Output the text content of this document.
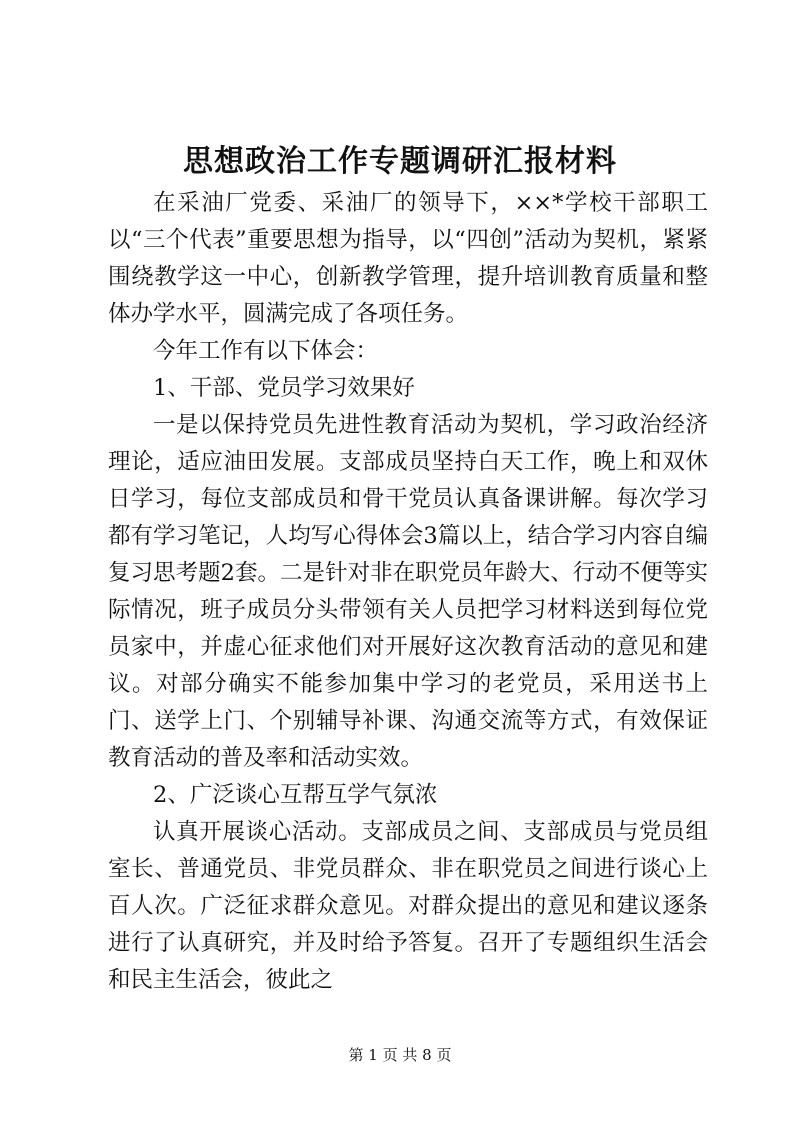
思想政治工作专题调研汇报材料

在采油厂党委、采油厂的领导下，××*学校干部职工以“三个代表”重要思想为指导，以“四创”活动为契机，紧紧围绕教学这一中心，创新教学管理，提升培训教育质量和整体办学水平，圆满完成了各项任务。

今年工作有以下体会：

1、干部、党员学习效果好

一是以保持党员先进性教育活动为契机，学习政治经济理论，适应油田发展。支部成员坚持白天工作，晚上和双休日学习，每位支部成员和骨干党员认真备课讲解。每次学习都有学习笔记，人均写心得体会3篇以上，结合学习内容自编复习思考题2套。二是针对非在职党员年龄大、行动不便等实际情况，班子成员分头带领有关人员把学习材料送到每位党员家中，并虚心征求他们对开展好这次教育活动的意见和建议。对部分确实不能参加集中学习的老党员，采用送书上门、送学上门、个别辅导补课、沟通交流等方式，有效保证教育活动的普及率和活动实效。

2、广泛谈心互帮互学气氛浓

认真开展谈心活动。支部成员之间、支部成员与党员组室长、普通党员、非党员群众、非在职党员之间进行谈心上百人次。广泛征求群众意见。对群众提出的意见和建议逐条进行了认真研究，并及时给予答复。召开了专题组织生活会和民主生活会，彼此之

第 1 页 共 8 页
